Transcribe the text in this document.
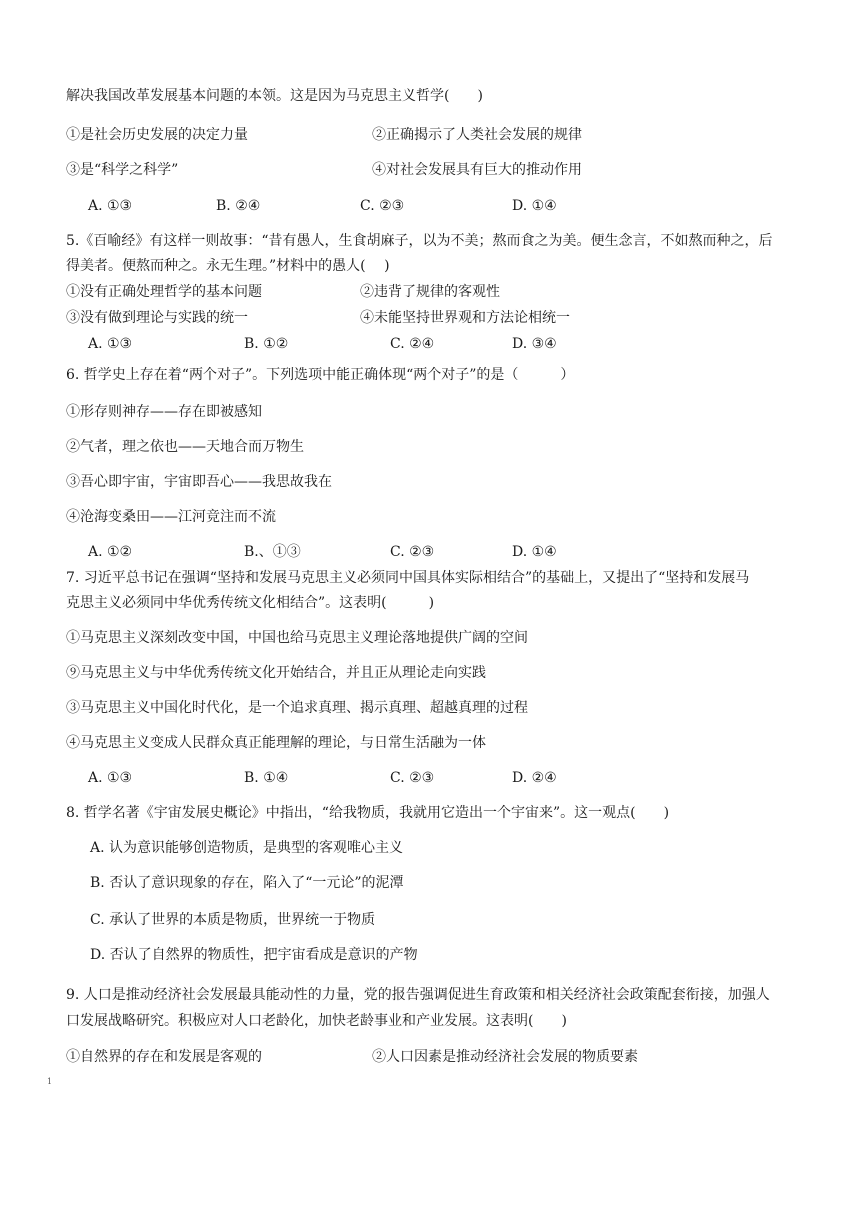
解决我国改革发展基本问题的本领。这是因为马克思主义哲学(　　)
①是社会历史发展的决定力量	②正确揭示了人类社会发展的规律
③是“科学之科学”	④对社会发展具有巨大的推动作用
A. ①③	B. ②④	C. ②③	D. ①④
5.《百喻经》有这样一则故事：“昔有愚人，生食胡麻子，以为不美；熬而食之为美。便生念言，不如熬而种之，后
得美者。便熬而种之。永无生理。”材料中的愚人(　 )
①没有正确处理哲学的基本问题	②违背了规律的客观性
③没有做到理论与实践的统一	④未能坚持世界观和方法论相统一
A. ①③	B. ①②	C. ②④	D. ③④
6. 哲学史上存在着“两个对子”。下列选项中能正确体现“两个对子”的是（　　　）
①形存则神存——存在即被感知
②气者，理之依也——天地合而万物生
③吾心即宇宙，宇宙即吾心——我思故我在
④沧海变桑田——江河竞注而不流
A. ①②	B.、①③	C. ②③	D. ①④
7. 习近平总书记在强调“坚持和发展马克思主义必须同中国具体实际相结合”的基础上，又提出了“坚持和发展马
克思主义必须同中华优秀传统文化相结合”。这表明(　　　)
①马克思主义深刻改变中国，中国也给马克思主义理论落地提供广阔的空间
⑨马克思主义与中华优秀传统文化开始结合，并且正从理论走向实践
③马克思主义中国化时代化，是一个追求真理、揭示真理、超越真理的过程
④马克思主义变成人民群众真正能理解的理论，与日常生活融为一体
A. ①③	B. ①④	C. ②③	D. ②④
8. 哲学名著《宇宙发展史概论》中指出，“给我物质，我就用它造出一个宇宙来”。这一观点(　　)
A. 认为意识能够创造物质，是典型的客观唯心主义
B. 否认了意识现象的存在，陷入了“一元论”的泥潭
C. 承认了世界的本质是物质，世界统一于物质
D. 否认了自然界的物质性，把宇宙看成是意识的产物
9. 人口是推动经济社会发展最具能动性的力量，党的报告强调促进生育政策和相关经济社会政策配套衔接，加强人
口发展战略研究。积极应对人口老龄化，加快老龄事业和产业发展。这表明(　　)
①自然界的存在和发展是客观的	②人口因素是推动经济社会发展的物质要素
1
